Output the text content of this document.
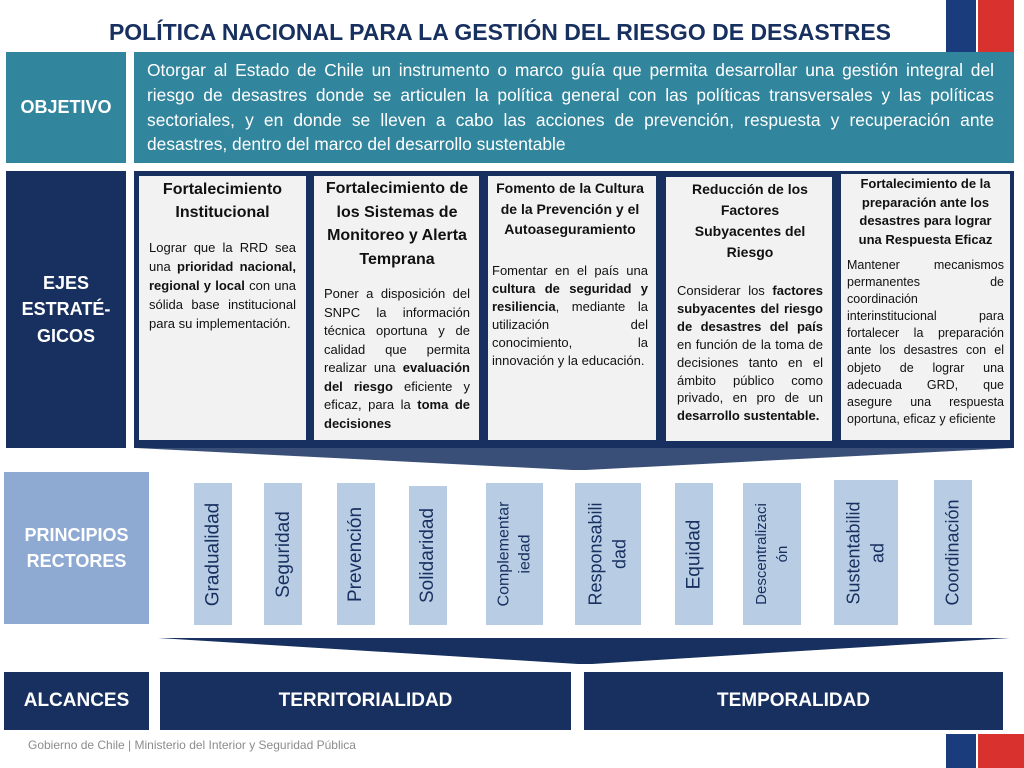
POLÍTICA NACIONAL PARA LA GESTIÓN DEL RIESGO DE DESASTRES
OBJETIVO
Otorgar al Estado de Chile un instrumento o marco guía que permita desarrollar una gestión integral del riesgo de desastres donde se articulen la política general con las políticas transversales y las políticas sectoriales, y en donde se lleven a cabo las acciones de prevención, respuesta y recuperación ante desastres, dentro del marco del desarrollo sustentable
EJES ESTRATÉ-GICOS
Fortalecimiento Institucional
Lograr que la RRD sea una prioridad nacional, regional y local con una sólida base institucional para su implementación.
Fortalecimiento de los Sistemas de Monitoreo y Alerta Temprana
Poner a disposición del SNPC la información técnica oportuna y de calidad que permita realizar una evaluación del riesgo eficiente y eficaz, para la toma de decisiones
Fomento de la Cultura de la Prevención y el Autoaseguramiento
Fomentar en el país una cultura de seguridad y resiliencia, mediante la utilización del conocimiento, la innovación y la educación.
Reducción de los Factores Subyacentes del Riesgo
Considerar los factores subyacentes del riesgo de desastres del país en función de la toma de decisiones tanto en el ámbito público como privado, en pro de un desarrollo sustentable.
Fortalecimiento de la preparación ante los desastres para lograr una Respuesta Eficaz
Mantener mecanismos permanentes de coordinación interinstitucional para fortalecer la preparación ante los desastres con el objeto de lograr una adecuada GRD, que asegure una respuesta oportuna, eficaz y eficiente
PRINCIPIOS RECTORES	Gradualidad	Seguridad	Prevención	Solidaridad	Complementar
iedad	Responsabili
dad	Equidad	Descentralizaci
ón	Sustentabilid
ad	Coordinación
ALCANCES	TERRITORIALIDAD	TEMPORALIDAD
Gobierno de Chile | Ministerio del Interior y Seguridad Pública
